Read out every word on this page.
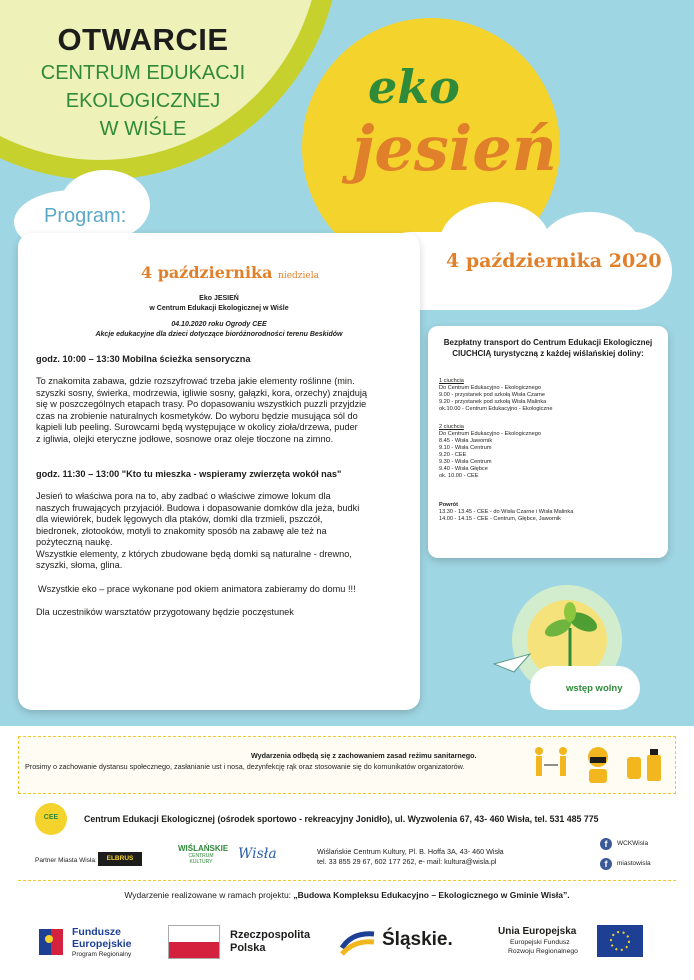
OTWARCIE
CENTRUM EDUKACJI
EKOLOGICZNEJ
W WIŚLE
eko
jesień
Program:
4 października 2020
4 października niedziela
Eko JESIEŃ
w Centrum Edukacji Ekologicznej w Wiśle
04.10.2020 roku Ogrody CEE
Akcje edukacyjne dla dzieci dotyczące bioróżnorodności terenu Beskidów
godz. 10:00 – 13:30 Mobilna ścieżka sensoryczna
To znakomita zabawa, gdzie rozszyfrować trzeba jakie elementy roślinne (min.
szyszki sosny, świerka, modrzewia, igliwie sosny, gałązki, kora, orzechy) znajdują
się w poszczególnych etapach trasy. Po dopasowaniu wszystkich puzzli przyjdzie
czas na zrobienie naturalnych kosmetyków. Do wyboru będzie musująca sól do
kąpieli lub peeling. Surowcami będą występujące w okolicy zioła/drzewa, puder
z igliwia, olejki eteryczne jodłowe, sosnowe oraz oleje tłoczone na zimno.
godz. 11:30 – 13:00 "Kto tu mieszka - wspieramy zwierzęta wokół nas"
Jesień to właściwa pora na to, aby zadbać o właściwe zimowe lokum dla
naszych fruwających przyjaciół. Budowa i dopasowanie domków dla jeża, budki
dla wiewiórek, budek lęgowych dla ptaków, domki dla trzmieli, pszczół,
biedronek, złotooków, motyli to znakomity sposób na zabawę ale też na
pożyteczną naukę.
Wszystkie elementy, z których zbudowane będą domki są naturalne - drewno,
szyszki, słoma, glina.
Wszystkie eko – prace wykonane pod okiem animatora zabieramy do domu !!!
Dla uczestników warsztatów przygotowany będzie poczęstunek
Bezpłatny transport do Centrum Edukacji Ekologicznej
CIUCHCIĄ turystyczną z każdej wiślańskiej doliny:
1 ciuchcia
Do Centrum Edukacyjno - Ekologicznego
9.00 - przystanek pod szkołą Wisła Czarne
9.20 - przystanek pod szkołą Wisła Malinka
ok.10.00 - Centrum Edukacyjno - Ekologiczne
2 ciuchcia
Do Centrum Edukacyjno - Ekologicznego
8.45 - Wisła Jawornik
9.10 - Wisła Centrum
9.20 - CEE
9.30 - Wisła Centrum
9.40 - Wisła Głębce
ok. 10.00 - CEE
Powrót
13.30 - 13.45 - CEE - do Wisła Czarne i Wisła Malinka
14.00 - 14.15 - CEE - Centrum, Głębce, Jawornik
wstęp wolny
Wydarzenia odbędą się z zachowaniem zasad reżimu sanitarnego.
Prosimy o zachowanie dystansu społecznego, zasłanianie ust i nosa, dezynfekcję rąk oraz stosowanie się do komunikatów organizatorów.
CEE	Centrum Edukacji Ekologicznej (ośrodek sportowo - rekreacyjny Jonidło), ul. Wyzwolenia 67, 43- 460 Wisła, tel. 531 485 775
Partner Miasta Wisła:	ELBRUS
WIŚLAŃSKIE
CENTRUM KULTURY	Wisła	Wiślańskie Centrum Kultury, Pl. B. Hoffa 3A, 43- 460 Wisła
tel. 33 855 29 67, 602 177 262, e- mail: kultura@wisla.pl
f	WCKWisla
f	miastowisla
Wydarzenie realizowane w ramach projektu: „Budowa Kompleksu Edukacyjno – Ekologicznego w Gminie Wisła”.
Fundusze
Europejskie
Program Regionalny
Rzeczpospolita
Polska	Śląskie.	Unia Europejska
Europejski Fundusz
Rozwoju Regionalnego
